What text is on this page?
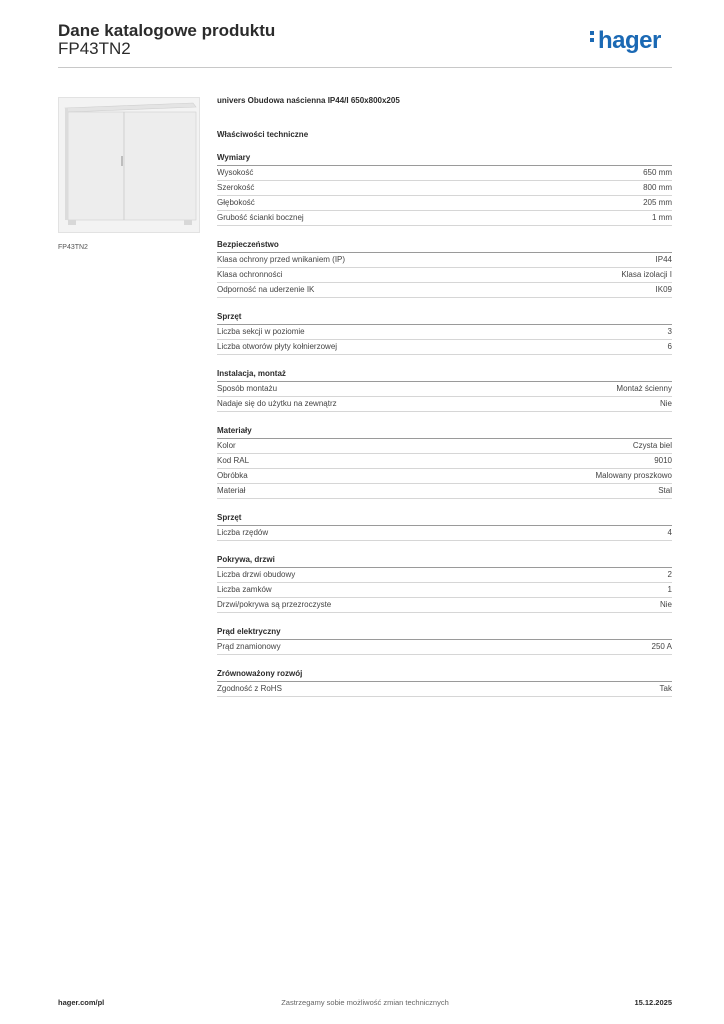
Dane katalogowe produktu
FP43TN2	hager
FP43TN2
univers Obudowa naścienna IP44/I 650x800x205
Właściwości techniczne
Wymiary
Wysokość	650 mm
Szerokość	800 mm
Głębokość	205 mm
Grubość ścianki bocznej	1 mm
Bezpieczeństwo
Klasa ochrony przed wnikaniem (IP)	IP44
Klasa ochronności	Klasa izolacji I
Odporność na uderzenie IK	IK09
Sprzęt
Liczba sekcji w poziomie	3
Liczba otworów płyty kołnierzowej	6
Instalacja, montaż
Sposób montażu	Montaż ścienny
Nadaje się do użytku na zewnątrz	Nie
Materiały
Kolor	Czysta biel
Kod RAL	9010
Obróbka	Malowany proszkowo
Materiał	Stal
Sprzęt
Liczba rzędów	4
Pokrywa, drzwi
Liczba drzwi obudowy	2
Liczba zamków	1
Drzwi/pokrywa są przezroczyste	Nie
Prąd elektryczny
Prąd znamionowy	250 A
Zrównoważony rozwój
Zgodność z RoHS	Tak
hager.com/pl	Zastrzegamy sobie możliwość zmian technicznych	15.12.2025
